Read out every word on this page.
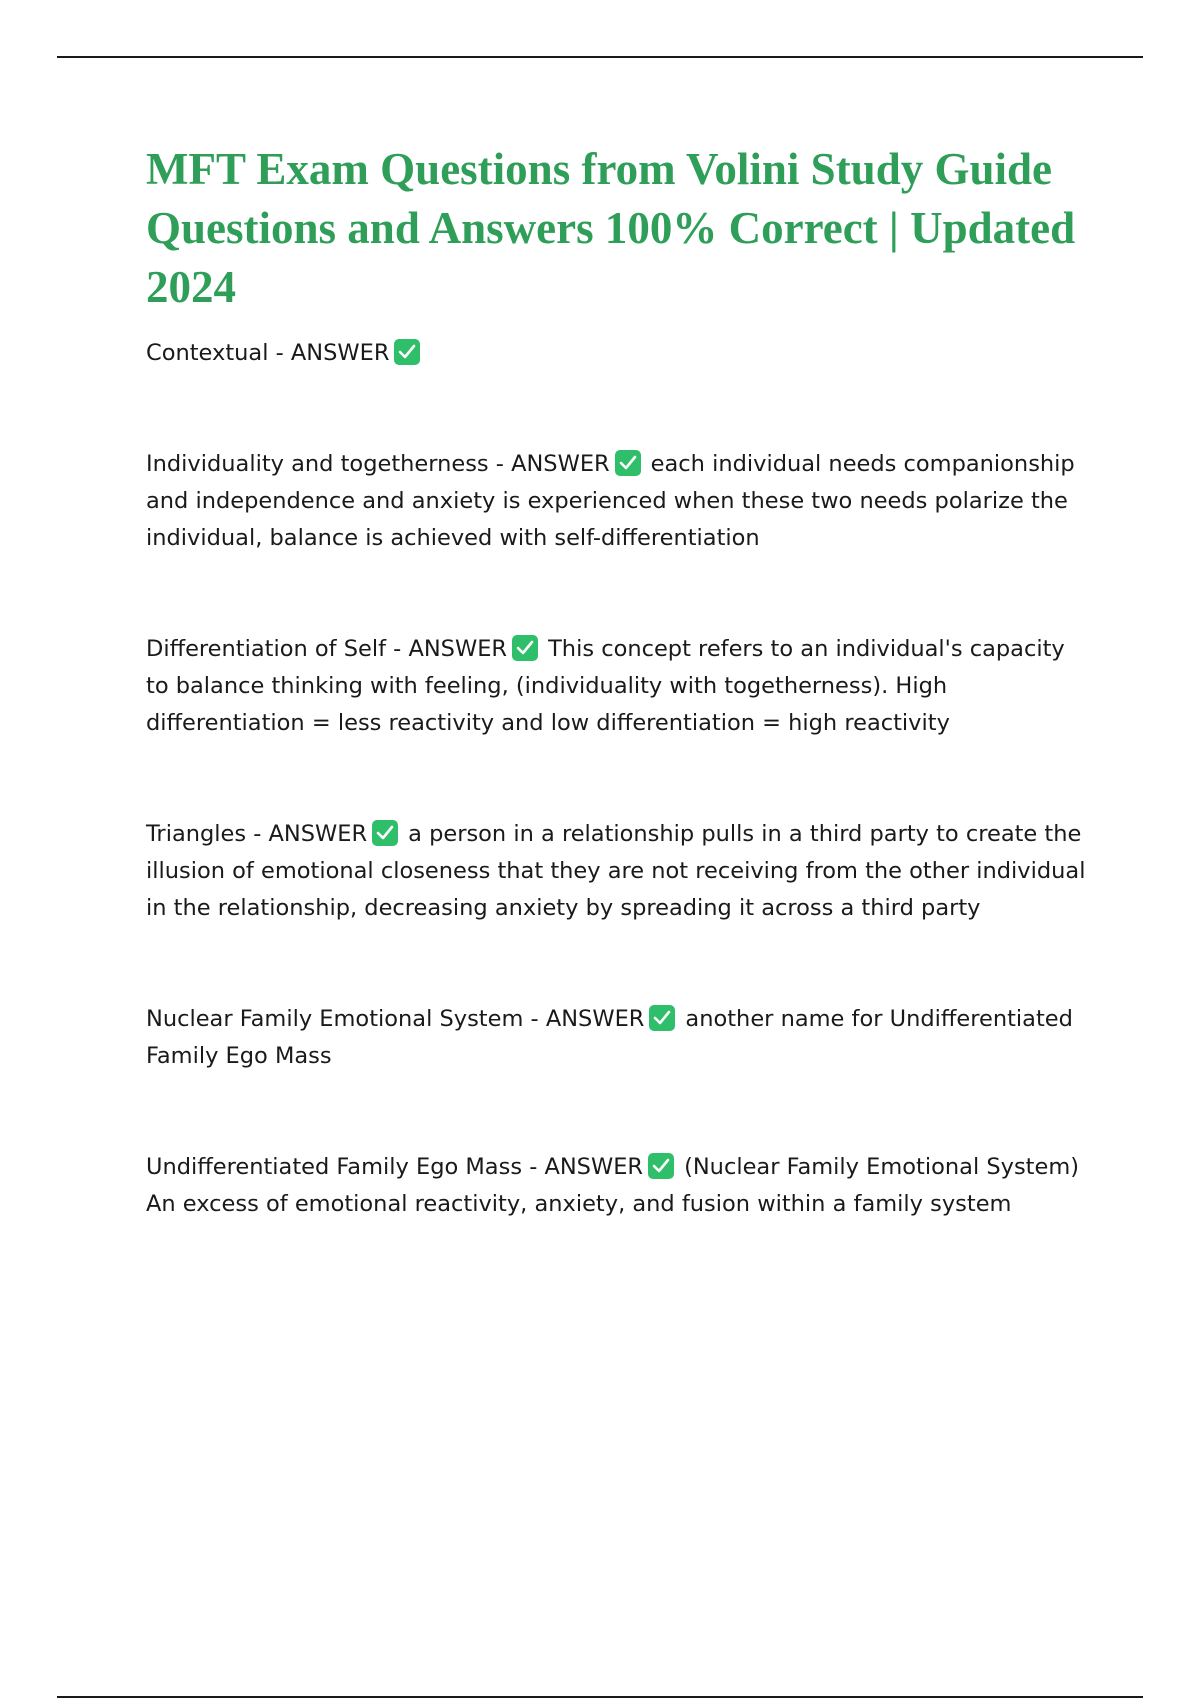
MFT Exam Questions from Volini Study Guide Questions and Answers 100% Correct | Updated 2024
Contextual - ANSWER
Individuality and togetherness - ANSWER each individual needs companionship and independence and anxiety is experienced when these two needs polarize the individual, balance is achieved with self-differentiation
Differentiation of Self - ANSWER This concept refers to an individual's capacity to balance thinking with feeling, (individuality with togetherness). High differentiation = less reactivity and low differentiation = high reactivity
Triangles - ANSWER a person in a relationship pulls in a third party to create the illusion of emotional closeness that they are not receiving from the other individual in the relationship, decreasing anxiety by spreading it across a third party
Nuclear Family Emotional System - ANSWER another name for Undifferentiated Family Ego Mass
Undifferentiated Family Ego Mass - ANSWER (Nuclear Family Emotional System) An excess of emotional reactivity, anxiety, and fusion within a family system
